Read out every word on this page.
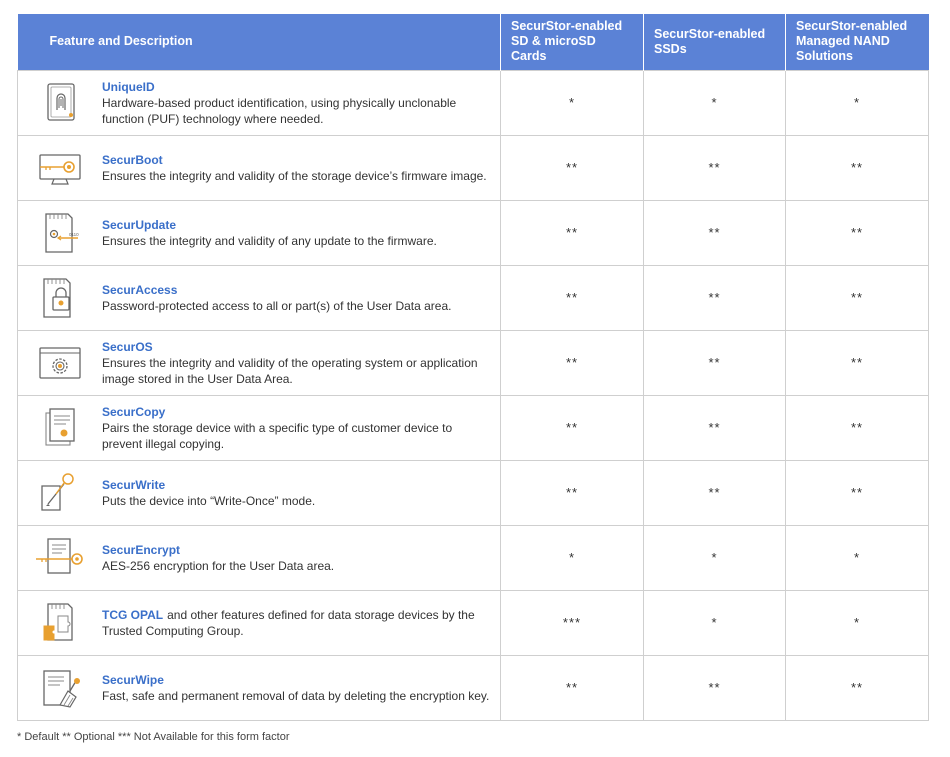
Feature and Description	SecurStor-enabled SD & microSD Cards	SecurStor-enabled SSDs	SecurStor-enabled Managed NAND Solutions

UniqueID
Hardware-based product identification, using physically unclonable function (PUF) technology where needed.	*	*	*

SecurBoot
Ensures the integrity and validity of the storage device’s firmware image.	**	**	**

0110
SecurUpdate
Ensures the integrity and validity of any update to the firmware.	**	**	**

SecurAccess
Password-protected access to all or part(s) of the User Data area.	**	**	**

SecurOS
Ensures the integrity and validity of the operating system or application image stored in the User Data Area.	**	**	**

SecurCopy
Pairs the storage device with a specific type of customer device to prevent illegal copying.	**	**	**

SecurWrite
Puts the device into “Write-Once” mode.	**	**	**

SecurEncrypt
AES-256 encryption for the User Data area.	*	*	*

TCG OPAL and other features defined for data storage devices by the Trusted Computing Group.	***	*	*

SecurWipe
Fast, safe and permanent removal of data by deleting the encryption key.	**	**	**
* Default ** Optional *** Not Available for this form factor
